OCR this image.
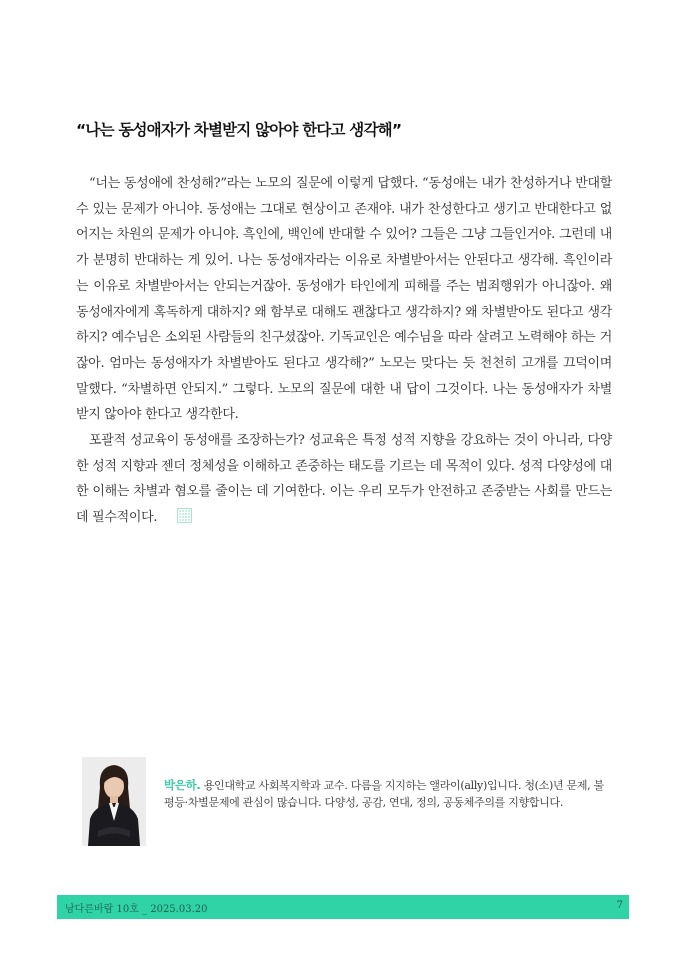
“나는 동성애자가 차별받지 않아야 한다고 생각해”

“너는 동성애에 찬성해?”라는 노모의 질문에 이렇게 답했다. “동성애는 내가 찬성하거나 반대할 수 있는 문제가 아니야. 동성애는 그대로 현상이고 존재야. 내가 찬성한다고 생기고 반대한다고 없어지는 차원의 문제가 아니야. 흑인에, 백인에 반대할 수 있어? 그들은 그냥 그들인거야. 그런데 내가 분명히 반대하는 게 있어. 나는 동성애자라는 이유로 차별받아서는 안된다고 생각해. 흑인이라는 이유로 차별받아서는 안되는거잖아. 동성애가 타인에게 피해를 주는 범죄행위가 아니잖아. 왜 동성애자에게 혹독하게 대하지? 왜 함부로 대해도 괜찮다고 생각하지? 왜 차별받아도 된다고 생각하지? 예수님은 소외된 사람들의 친구셨잖아. 기독교인은 예수님을 따라 살려고 노력해야 하는 거잖아. 엄마는 동성애자가 차별받아도 된다고 생각해?” 노모는 맞다는 듯 천천히 고개를 끄덕이며 말했다. “차별하면 안되지.” 그렇다. 노모의 질문에 대한 내 답이 그것이다. 나는 동성애자가 차별받지 않아야 한다고 생각한다.

포괄적 성교육이 동성애를 조장하는가? 성교육은 특정 성적 지향을 강요하는 것이 아니라, 다양한 성적 지향과 젠더 정체성을 이해하고 존중하는 태도를 기르는 데 목적이 있다. 성적 다양성에 대한 이해는 차별과 혐오를 줄이는 데 기여한다. 이는 우리 모두가 안전하고 존중받는 사회를 만드는 데 필수적이다.

박은하. 용인대학교 사회복지학과 교수. 다름을 지지하는 앨라이(ally)입니다. 청(소)년 문제, 불평등·차별문제에 관심이 많습니다. 다양성, 공감, 연대, 정의, 공동체주의를 지향합니다.
남다른바람 10호 _ 2025.03.20	7
